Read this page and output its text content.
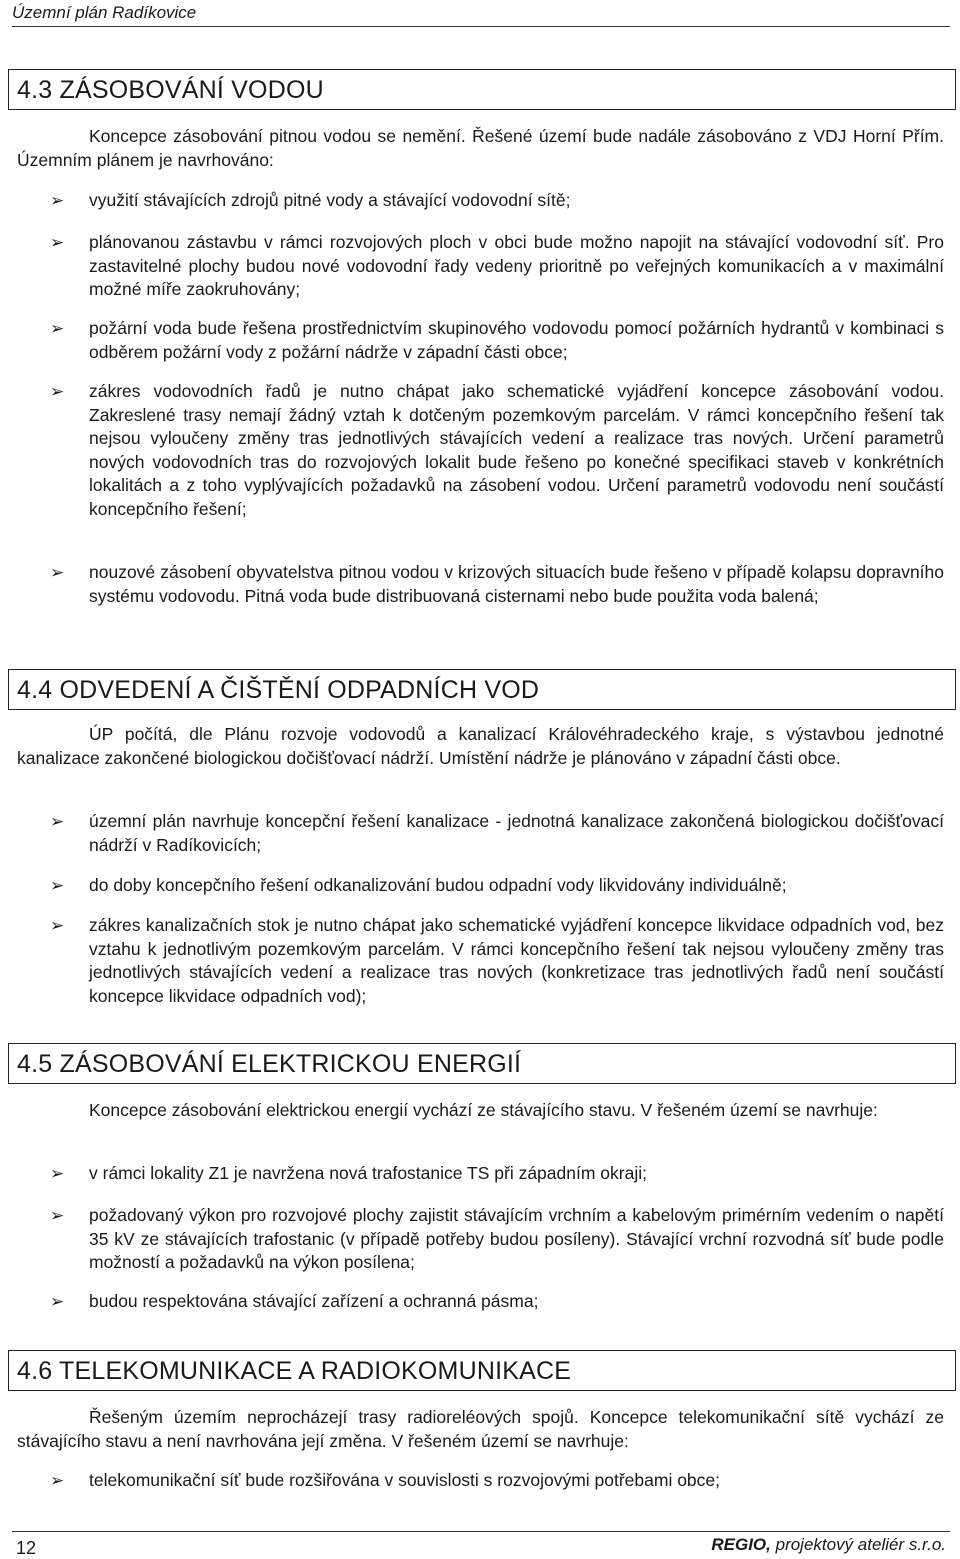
Územní plán Radíkovice
4.3 ZÁSOBOVÁNÍ VODOU

Koncepce zásobování pitnou vodou se nemění. Řešené území bude nadále zásobováno z VDJ Horní Přím. Územním plánem je navrhováno:

➢ využití stávajících zdrojů pitné vody a stávající vodovodní sítě;
➢ plánovanou zástavbu v rámci rozvojových ploch v obci bude možno napojit na stávající vodovodní síť. Pro zastavitelné plochy budou nové vodovodní řady vedeny prioritně po veřejných komunikacích a v maximální možné míře zaokruhovány;
➢ požární voda bude řešena prostřednictvím skupinového vodovodu pomocí požárních hydrantů v kombinaci s odběrem požární vody z požární nádrže v západní části obce;
➢ zákres vodovodních řadů je nutno chápat jako schematické vyjádření koncepce zásobování vodou. Zakreslené trasy nemají žádný vztah k dotčeným pozemkovým parcelám. V rámci koncepčního řešení tak nejsou vyloučeny změny tras jednotlivých stávajících vedení a realizace tras nových. Určení parametrů nových vodovodních tras do rozvojových lokalit bude řešeno po konečné specifikaci staveb v konkrétních lokalitách a z toho vyplývajících požadavků na zásobení vodou. Určení parametrů vodovodu není součástí koncepčního řešení;
➢ nouzové zásobení obyvatelstva pitnou vodou v krizových situacích bude řešeno v případě kolapsu dopravního systému vodovodu. Pitná voda bude distribuovaná cisternami nebo bude použita voda balená;
4.4 ODVEDENÍ A ČIŠTĚNÍ ODPADNÍCH VOD

ÚP počítá, dle Plánu rozvoje vodovodů a kanalizací Královéhradeckého kraje, s výstavbou jednotné kanalizace zakončené biologickou dočišťovací nádrží. Umístění nádrže je plánováno v západní části obce.

➢ územní plán navrhuje koncepční řešení kanalizace - jednotná kanalizace zakončená biologickou dočišťovací nádrží v Radíkovicích;
➢ do doby koncepčního řešení odkanalizování budou odpadní vody likvidovány individuálně;
➢ zákres kanalizačních stok je nutno chápat jako schematické vyjádření koncepce likvidace odpadních vod, bez vztahu k jednotlivým pozemkovým parcelám. V rámci koncepčního řešení tak nejsou vyloučeny změny tras jednotlivých stávajících vedení a realizace tras nových (konkretizace tras jednotlivých řadů není součástí koncepce likvidace odpadních vod);
4.5 ZÁSOBOVÁNÍ ELEKTRICKOU ENERGIÍ

Koncepce zásobování elektrickou energií vychází ze stávajícího stavu. V řešeném území se navrhuje:

➢ v rámci lokality Z1 je navržena nová trafostanice TS při západním okraji;
➢ požadovaný výkon pro rozvojové plochy zajistit stávajícím vrchním a kabelovým primérním vedením o napětí 35 kV ze stávajících trafostanic (v případě potřeby budou posíleny). Stávající vrchní rozvodná síť bude podle možností a požadavků na výkon posílena;
➢ budou respektována stávající zařízení a ochranná pásma;
4.6 TELEKOMUNIKACE A RADIOKOMUNIKACE

Řešeným územím neprocházejí trasy radioreléových spojů. Koncepce telekomunikační sítě vychází ze stávajícího stavu a není navrhována její změna. V řešeném území se navrhuje:

➢ telekomunikační síť bude rozšiřována v souvislosti s rozvojovými potřebami obce;
12	REGIO, projektový ateliér s.r.o.
